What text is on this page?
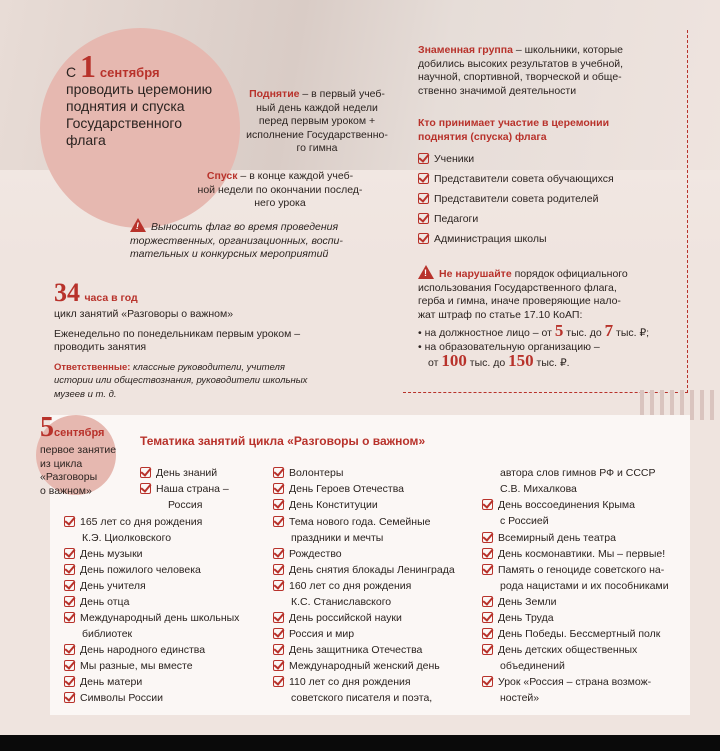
С 1 сентября
проводить церемонию
поднятия и спуска
Государственного
флага
Поднятие – в первый учеб-
ный день каждой недели
перед первым уроком +
исполнение Государственно-
го гимна
Спуск – в конце каждой учеб-
ной недели по окончании послед-
него урока
!Выносить флаг во время проведения
торжественных, организационных, воспи-
тательных и конкурсных мероприятий
Знаменная группа – школьники, которые
добились высоких результатов в учебной,
научной, спортивной, творческой и обще-
ственно значимой деятельности
Кто принимает участие в церемонии
поднятия (спуска) флага
Ученики
Представители совета обучающихся
Представители совета родителей
Педагоги
Администрация школы
!Не нарушайте порядок официального
использования Государственного флага,
герба и гимна, иначе проверяющие нало-
жат штраф по статье 17.10 КоАП:
• на должностное лицо – от 5 тыс. до 7 тыс. ₽;
• на образовательную организацию –
от 100 тыс. до 150 тыс. ₽.
34 часа в год
цикл занятий «Разговоры о важном»
Еженедельно по понедельникам первым уроком –
проводить занятия
Ответственные: классные руководители, учителя
истории или обществознания, руководители школьных
музеев и т. д.
5сентября
первое занятие
из цикла
«Разговоры
о важном»
Тематика занятий цикла «Разговоры о важном»
День знаний
Наша страна –
Россия
165 лет со дня рождения
К.Э. Циолковского
День музыки
День пожилого человека
День учителя
День отца
Международный день школьных
библиотек
День народного единства
Мы разные, мы вместе
День матери
Символы России
Волонтеры
День Героев Отечества
День Конституции
Тема нового года. Семейные
праздники и мечты
Рождество
День снятия блокады Ленинграда
160 лет со дня рождения
К.С. Станиславского
День российской науки
Россия и мир
День защитника Отечества
Международный женский день
110 лет со дня рождения
советского писателя и поэта,
автора слов гимнов РФ и СССР
С.В. Михалкова
День воссоединения Крыма
с Россией
Всемирный день театра
День космонавтики. Мы – первые!
Память о геноциде советского на-
рода нацистами и их пособниками
День Земли
День Труда
День Победы. Бессмертный полк
День детских общественных
объединений
Урок «Россия – страна возмож-
ностей»
